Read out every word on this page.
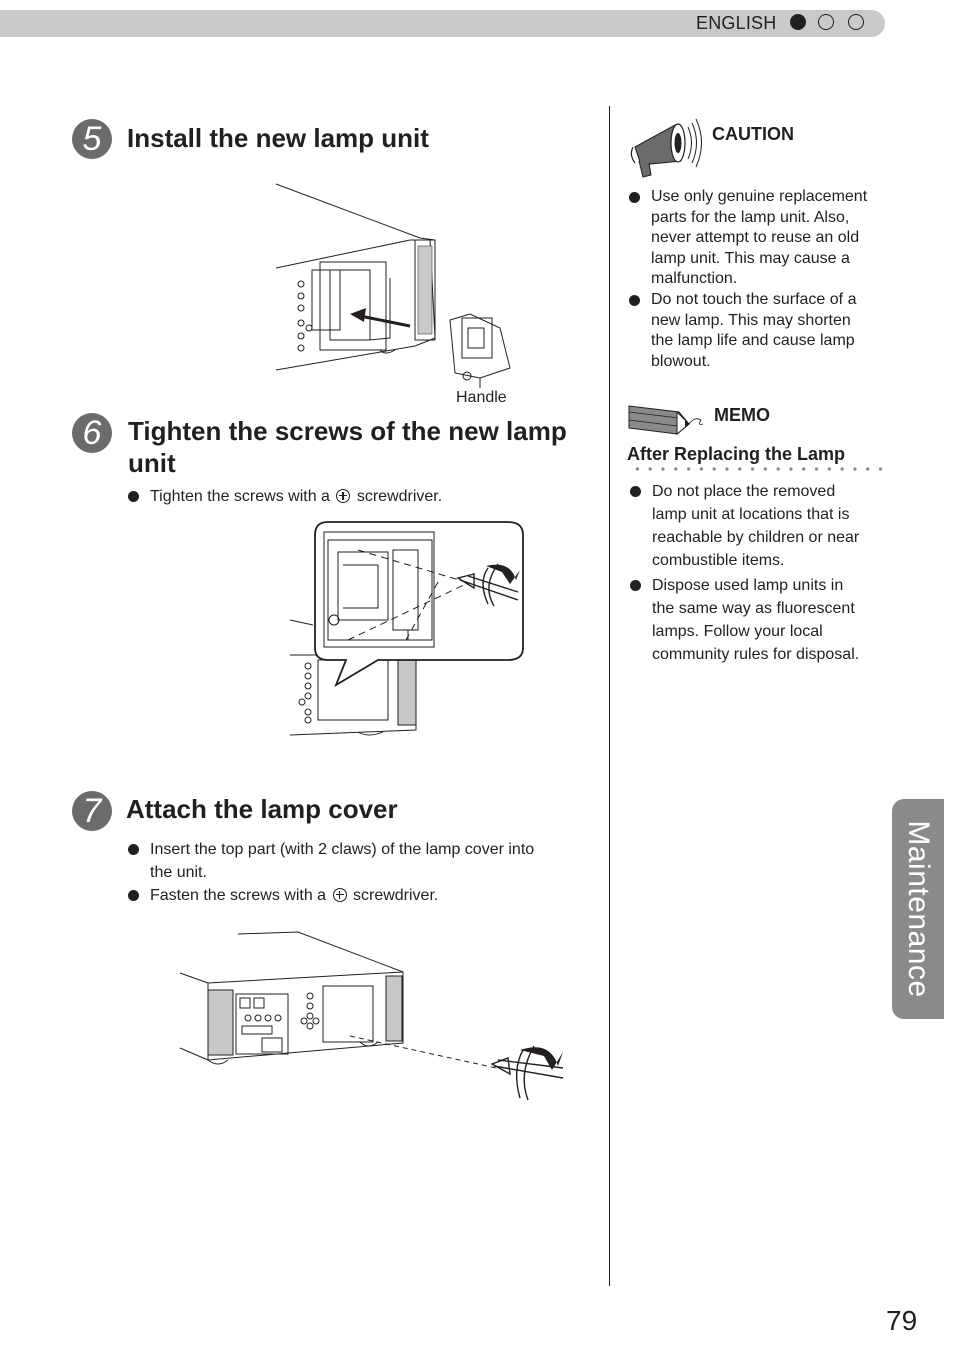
ENGLISH
5 Install the new lamp unit
Handle
6	Tighten the screws of the new lamp
unit
Tighten the screws with a screwdriver.
7 Attach the lamp cover
Insert the top part (with 2 claws) of the lamp cover into
the unit.
Fasten the screws with a screwdriver.
CAUTION
Use only genuine replacement
parts for the lamp unit. Also,
never attempt to reuse an old
lamp unit. This may cause a
malfunction.
Do not touch the surface of a
new lamp. This may shorten
the lamp life and cause lamp
blowout.
MEMO
After Replacing the Lamp
Do not place the removed
lamp unit at locations that is
reachable by children or near
combustible items.
Dispose used lamp units in
the same way as fluorescent
lamps. Follow your local
community rules for disposal.
Maintenance
79
